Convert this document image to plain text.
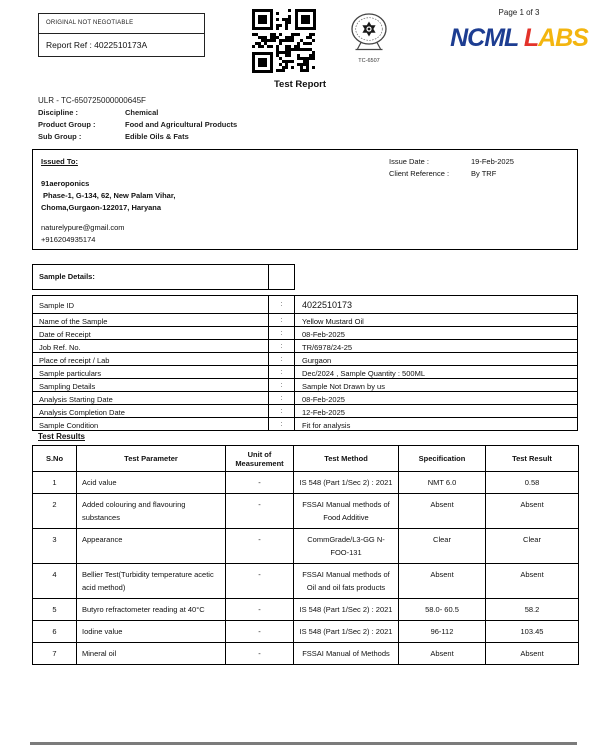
ORIGINAL NOT NEGOTIABLE
Report Ref : 4022510173A
Test Report
TC-6507
Page 1 of 3
NCML LABS
ULR - TC-650725000000645F
Discipline :	Chemical
Product Group :	Food and Agricultural Products
Sub Group :	Edible Oils & Fats
Issued To:
91aeroponics
Phase-1, G-134, 62, New Palam Vihar,
Choma,Gurgaon-122017, Haryana
naturelypure@gmail.com
+916204935174
Issue Date :	19-Feb-2025
Client Reference :	By TRF
Sample Details:
Sample ID	:	4022510173
Name of the Sample	:	Yellow Mustard Oil
Date of Receipt	:	08-Feb-2025
Job Ref. No.	:	TR/6978/24-25
Place of receipt / Lab	:	Gurgaon
Sample particulars	:	Dec/2024 , Sample Quantity : 500ML
Sampling Details	:	Sample Not Drawn by us
Analysis Starting Date	:	08-Feb-2025
Analysis Completion Date	:	12-Feb-2025
Sample Condition	:	Fit for analysis
Test Results
S.No	Test Parameter	Unit of Measurement	Test Method	Specification	Test Result
1	Acid value	-	IS 548 (Part 1/Sec 2) : 2021	NMT 6.0	0.58
2	Added colouring and flavouring substances	-	FSSAI Manual methods of Food Additive	Absent	Absent
3	Appearance	-	CommGrade/L3-GG N-FOO-131	Clear	Clear
4	Bellier Test(Turbidity temperature acetic acid method)	-	FSSAI Manual methods of Oil and oil fats products	Absent	Absent
5	Butyro refractometer reading at 40°C	-	IS 548 (Part 1/Sec 2) : 2021	58.0- 60.5	58.2
6	Iodine value	-	IS 548 (Part 1/Sec 2) : 2021	96-112	103.45
7	Mineral oil	-	FSSAI Manual of Methods	Absent	Absent
